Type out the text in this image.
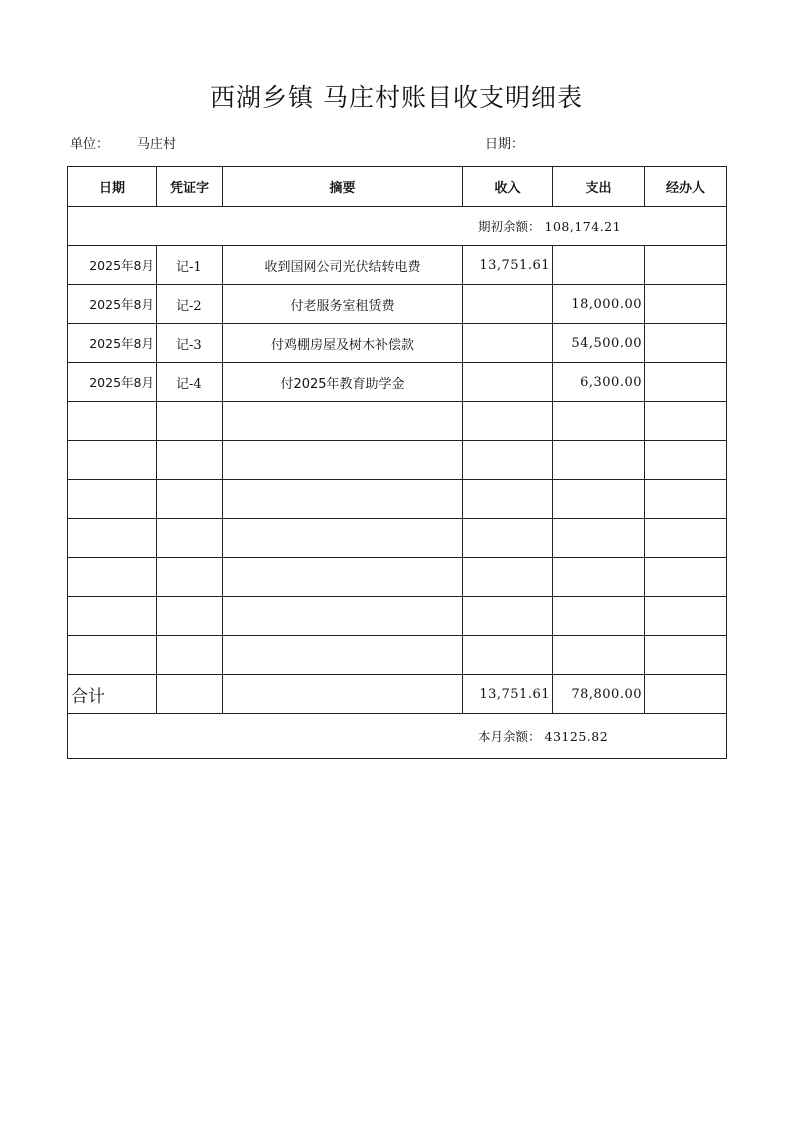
西湖乡镇 马庄村账目收支明细表
单位： 马庄村	日期：
日期	凭证字	摘要	收入	支出	经办人
期初余额： 108,174.21					
2025年8月	记-1	收到国网公司光伏结转电费	13,751.61		
2025年8月	记-2	付老服务室租赁费		18,000.00	
2025年8月	记-3	付鸡棚房屋及树木补偿款		54,500.00	
2025年8月	记-4	付2025年教育助学金		6,300.00	

合计			13,751.61	78,800.00	
本月余额： 43125.82					
